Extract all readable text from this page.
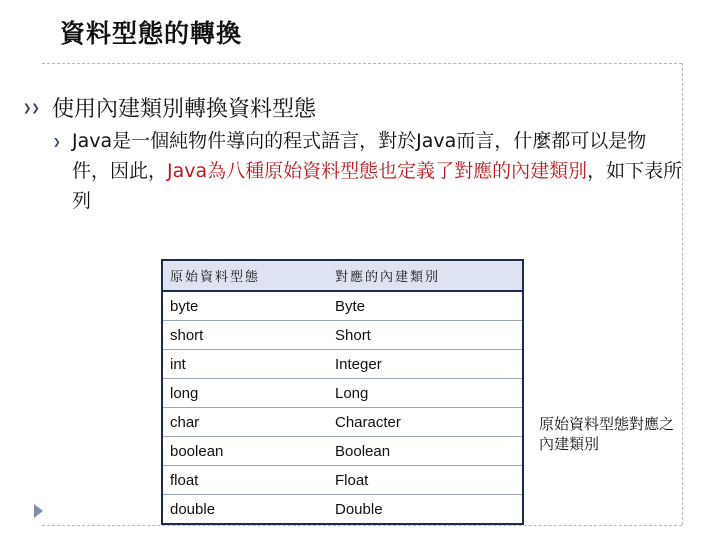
資料型態的轉換
❯❯ 使用內建類別轉換資料型態
❯ Java是一個純物件導向的程式語言，對於Java而言，什麼都可以是物件，因此，Java為八種原始資料型態也定義了對應的內建類別，如下表所列
原始資料型態	對應的內建類別
byte	Byte
short	Short
int	Integer
long	Long
char	Character
boolean	Boolean
float	Float
double	Double
原始資料型態對應之內建類別
